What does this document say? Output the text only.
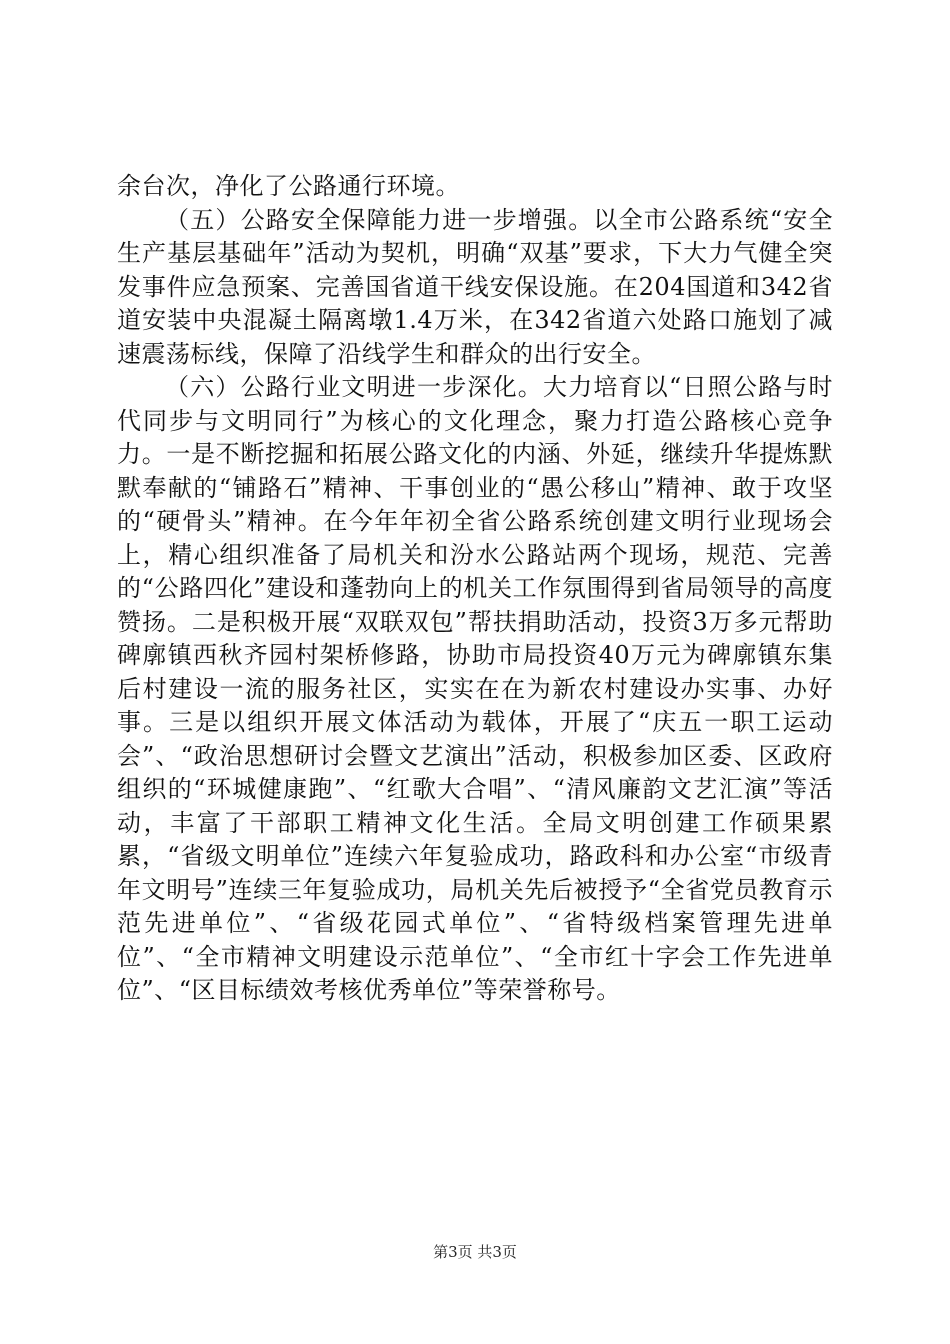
余台次，净化了公路通行环境。

（五）公路安全保障能力进一步增强。以全市公路系统“安全生产基层基础年”活动为契机，明确“双基”要求，下大力气健全突发事件应急预案、完善国省道干线安保设施。在204国道和342省道安装中央混凝土隔离墩1.4万米，在342省道六处路口施划了减速震荡标线，保障了沿线学生和群众的出行安全。

（六）公路行业文明进一步深化。大力培育以“日照公路与时代同步与文明同行”为核心的文化理念，聚力打造公路核心竞争力。一是不断挖掘和拓展公路文化的内涵、外延，继续升华提炼默默奉献的“铺路石”精神、干事创业的“愚公移山”精神、敢于攻坚的“硬骨头”精神。在今年年初全省公路系统创建文明行业现场会上，精心组织准备了局机关和汾水公路站两个现场，规范、完善的“公路四化”建设和蓬勃向上的机关工作氛围得到省局领导的高度赞扬。二是积极开展“双联双包”帮扶捐助活动，投资3万多元帮助碑廓镇西秋齐园村架桥修路，协助市局投资40万元为碑廓镇东集后村建设一流的服务社区，实实在在为新农村建设办实事、办好事。三是以组织开展文体活动为载体，开展了“庆五一职工运动会”、“政治思想研讨会暨文艺演出”活动，积极参加区委、区政府组织的“环城健康跑”、“红歌大合唱”、“清风廉韵文艺汇演”等活动，丰富了干部职工精神文化生活。全局文明创建工作硕果累累，“省级文明单位”连续六年复验成功，路政科和办公室“市级青年文明号”连续三年复验成功，局机关先后被授予“全省党员教育示范先进单位”、“省级花园式单位”、“省特级档案管理先进单位”、“全市精神文明建设示范单位”、“全市红十字会工作先进单位”、“区目标绩效考核优秀单位”等荣誉称号。

第3页 共3页
